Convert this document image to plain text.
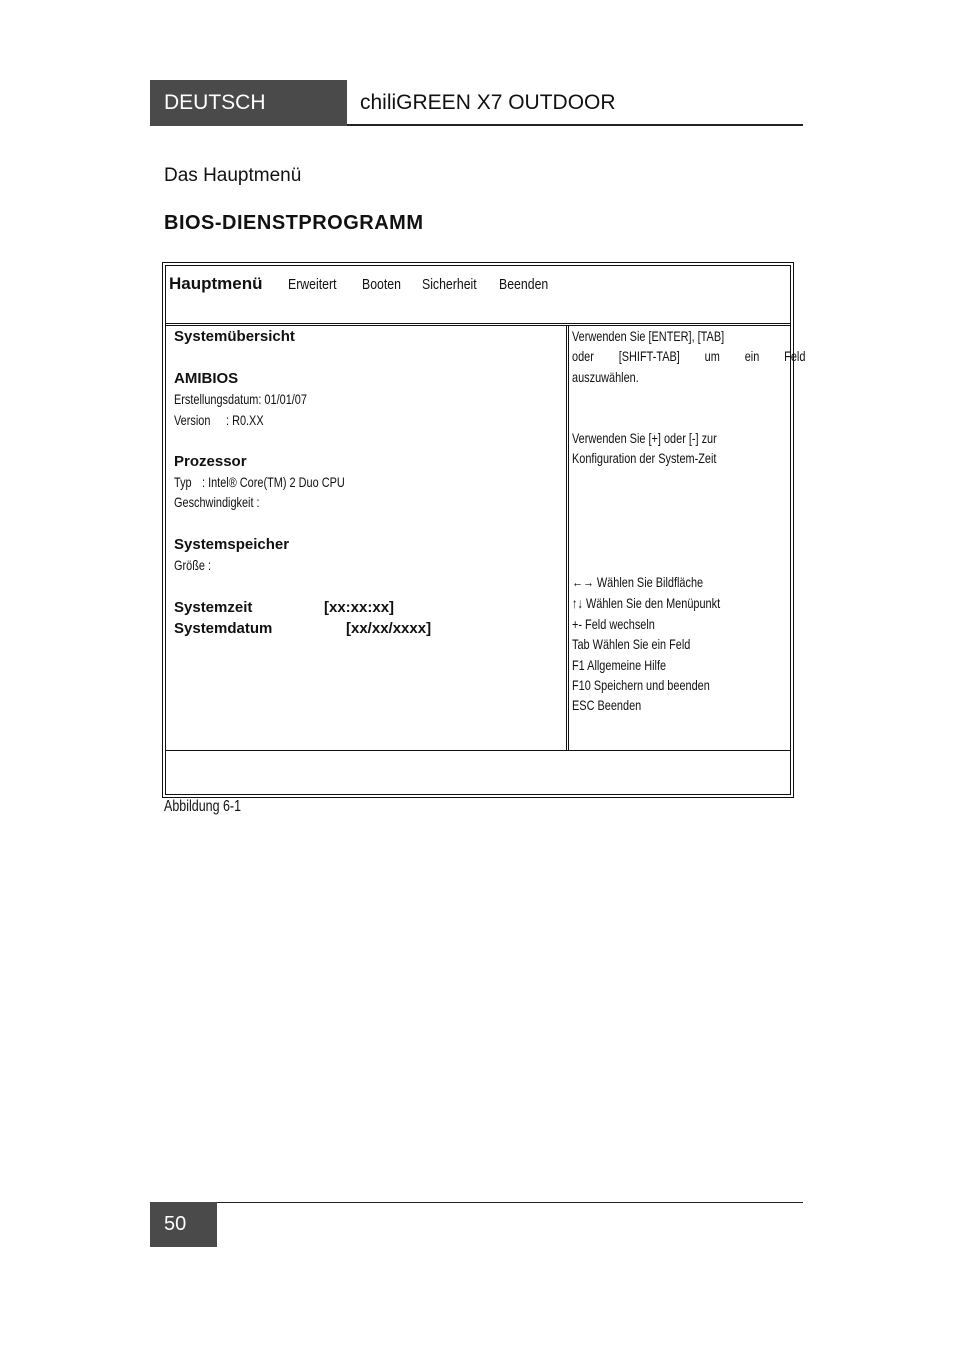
DEUTSCH	chiliGREEN X7 OUTDOOR
Das Hauptmenü
BIOS-DIENSTPROGRAMM
Hauptmenü Erweitert Booten Sicherheit Beenden
Systemübersicht
AMIBIOS
Erstellungsdatum: 01/01/07
Version : R0.XX
Prozessor
Typ : Intel® Core(TM) 2 Duo CPU
Geschwindigkeit :
Systemspeicher
Größe :
Systemzeit	[xx:xx:xx]
Systemdatum	[xx/xx/xxxx]
Verwenden Sie [ENTER], [TAB]
oder [SHIFT-TAB] um ein Feld
auszuwählen.
Verwenden Sie [+] oder [-] zur
Konfiguration der System-Zeit
←→ Wählen Sie Bildfläche
↑↓ Wählen Sie den Menüpunkt
+- Feld wechseln
Tab Wählen Sie ein Feld
F1 Allgemeine Hilfe
F10 Speichern und beenden
ESC Beenden
Abbildung 6-1
50
